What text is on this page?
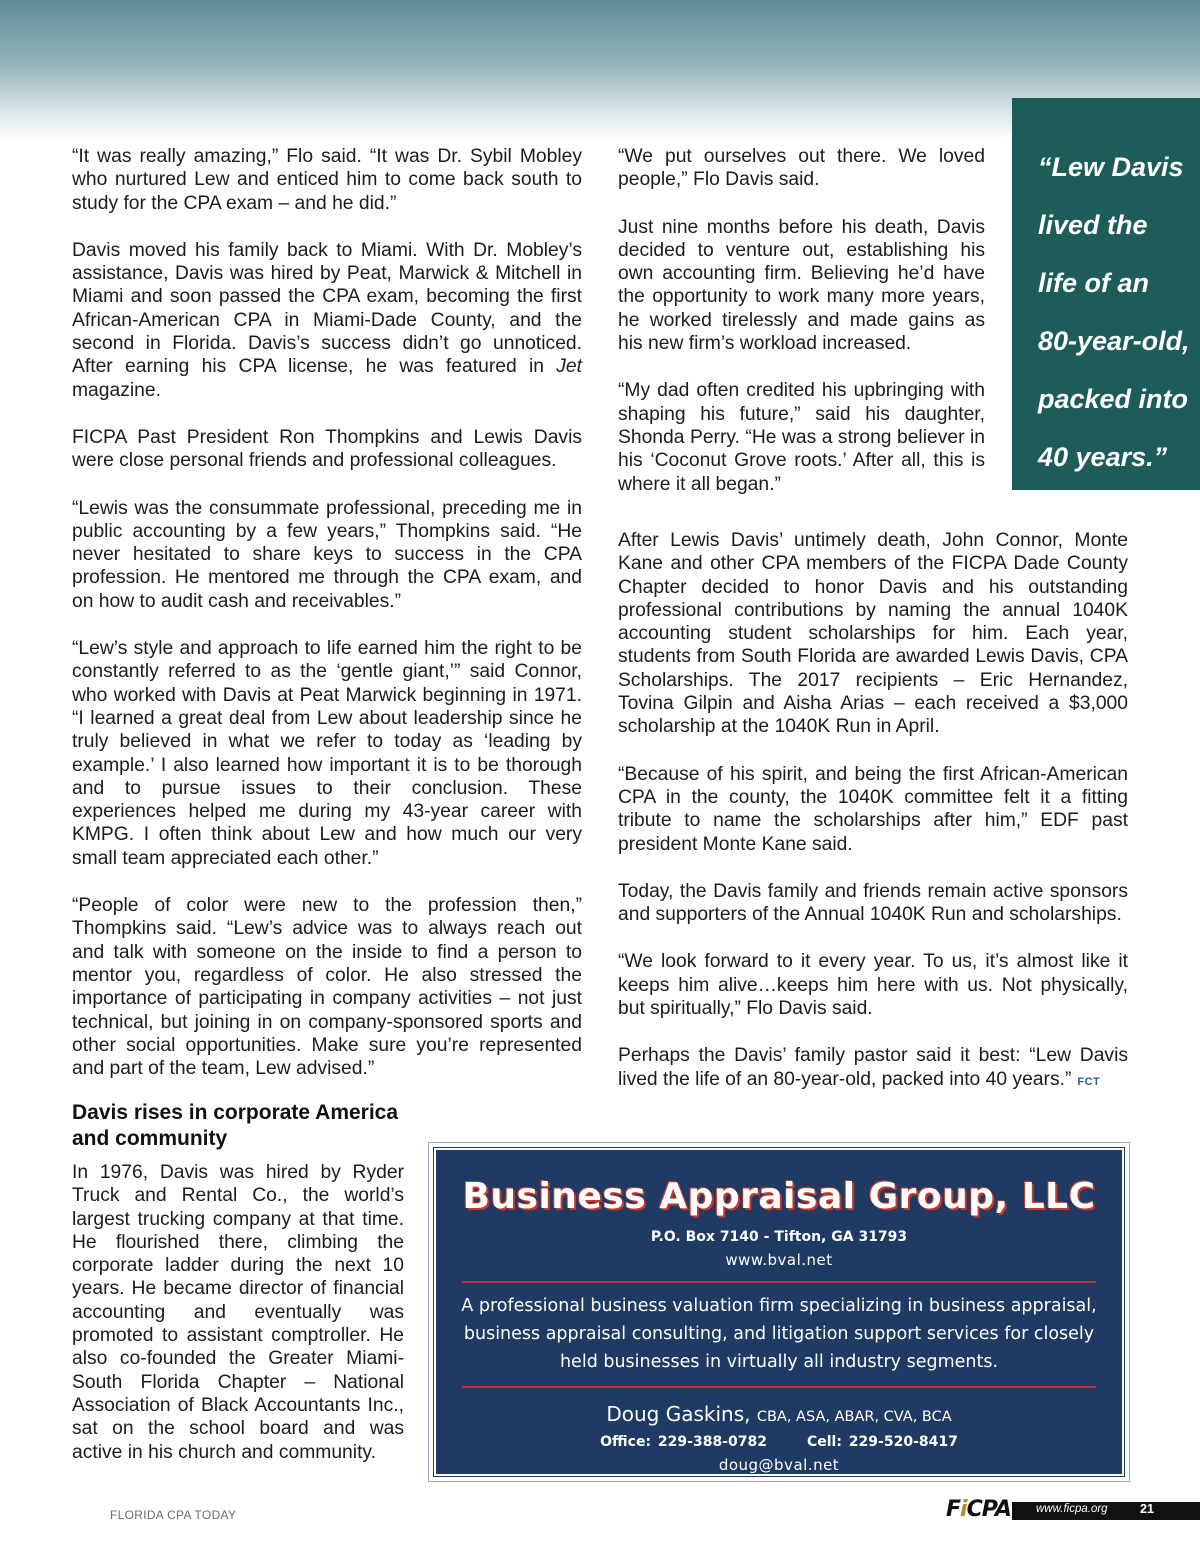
“Lew Davis
lived the
life of an
80-year-old,
packed into
40 years.”

“It was really amazing,” Flo said. “It was Dr. Sybil Mobley who nurtured Lew and enticed him to come back south to study for the CPA exam – and he did.”

Davis moved his family back to Miami. With Dr. Mobley’s assistance, Davis was hired by Peat, Marwick & Mitchell in Miami and soon passed the CPA exam, becoming the first African-American CPA in Miami-Dade County, and the second in Florida. Davis’s success didn’t go unnoticed. After earning his CPA license, he was featured in Jet magazine.

FICPA Past President Ron Thompkins and Lewis Davis were close personal friends and professional colleagues.

“Lewis was the consummate professional, preceding me in public accounting by a few years,” Thompkins said. “He never hesitated to share keys to success in the CPA profession. He mentored me through the CPA exam, and on how to audit cash and receivables.”

“Lew’s style and approach to life earned him the right to be constantly referred to as the ‘gentle giant,’” said Connor, who worked with Davis at Peat Marwick beginning in 1971. “I learned a great deal from Lew about leadership since he truly believed in what we refer to today as ‘leading by example.’ I also learned how important it is to be thorough and to pursue issues to their conclusion. These experiences helped me during my 43-year career with KMPG. I often think about Lew and how much our very small team appreciated each other.”

“People of color were new to the profession then,” Thompkins said. “Lew’s advice was to always reach out and talk with someone on the inside to find a person to mentor you, regardless of color. He also stressed the importance of participating in company activities – not just technical, but joining in on company-sponsored sports and other social opportunities. Make sure you’re represented and part of the team, Lew advised.”

“We put ourselves out there. We loved people,” Flo Davis said.

Just nine months before his death, Davis decided to venture out, establishing his own accounting firm. Believing he’d have the opportunity to work many more years, he worked tirelessly and made gains as his new firm’s workload increased.

“My dad often credited his upbringing with shaping his future,” said his daughter, Shonda Perry. “He was a strong believer in his ‘Coconut Grove roots.’ After all, this is where it all began.”

After Lewis Davis’ untimely death, John Connor, Monte Kane and other CPA members of the FICPA Dade County Chapter decided to honor Davis and his outstanding professional contributions by naming the annual 1040K accounting student scholarships for him. Each year, students from South Florida are awarded Lewis Davis, CPA Scholarships. The 2017 recipients – Eric Hernandez, Tovina Gilpin and Aisha Arias – each received a $3,000 scholarship at the 1040K Run in April.

“Because of his spirit, and being the first African-American CPA in the county, the 1040K committee felt it a fitting tribute to name the scholarships after him,” EDF past president Monte Kane said.

Today, the Davis family and friends remain active sponsors and supporters of the Annual 1040K Run and scholarships.

“We look forward to it every year. To us, it’s almost like it keeps him alive…keeps him here with us. Not physically, but spiritually,” Flo Davis said.

Perhaps the Davis’ family pastor said it best: “Lew Davis lived the life of an 80-year-old, packed into 40 years.” FCT

Davis rises in corporate America and community

In 1976, Davis was hired by Ryder Truck and Rental Co., the world’s largest trucking company at that time. He flourished there, climbing the corporate ladder during the next 10 years. He became director of financial accounting and eventually was promoted to assistant comptroller. He also co-founded the Greater Miami-South Florida Chapter – National Association of Black Accountants Inc., sat on the school board and was active in his church and community.

Business Appraisal Group, LLC
P.O. Box 7140 - Tifton, GA 31793
www.bval.net
A professional business valuation firm specializing in business appraisal, business appraisal consulting, and litigation support services for closely held businesses in virtually all industry segments.
Doug Gaskins, CBA, ASA, ABAR, CVA, BCA
Office: 229-388-0782	Cell: 229-520-8417
doug@bval.net
FLORIDA CPA TODAY	FiCPA www.ficpa.org	21
